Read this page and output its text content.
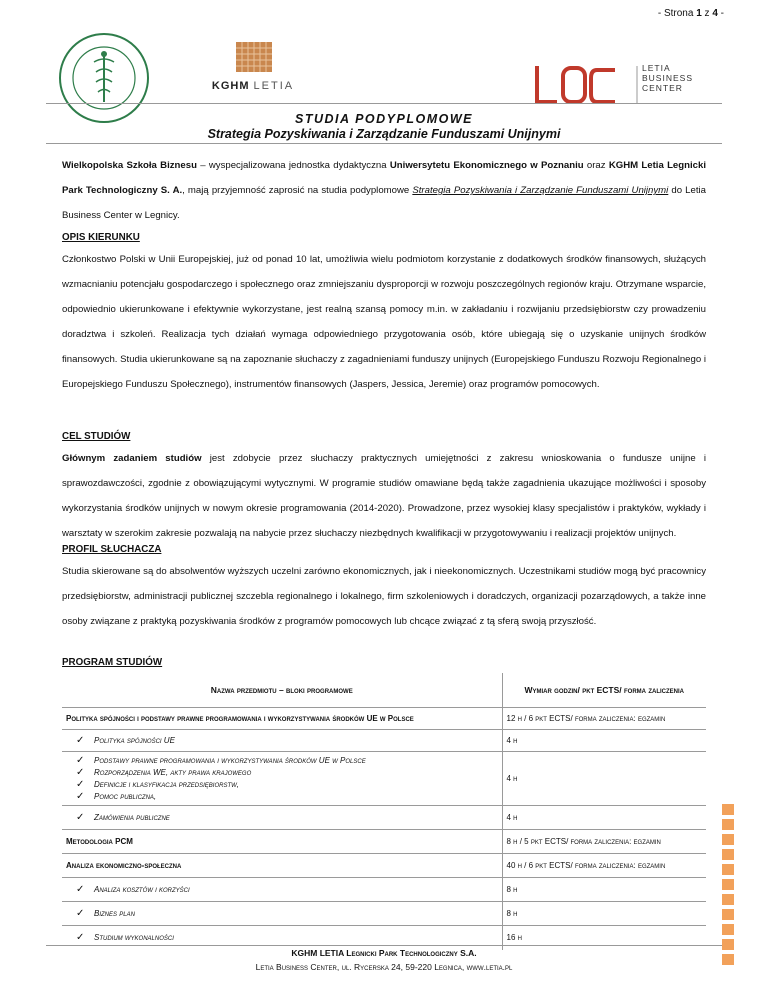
- Strona 1 z 4 -
KGHM LETIA
LETIA
BUSINESS
CENTER
STUDIA PODYPLOMOWE
Strategia Pozyskiwania i Zarządzanie Funduszami Unijnymi
Wielkopolska Szkoła Biznesu – wyspecjalizowana jednostka dydaktyczna Uniwersytetu Ekonomicznego w Poznaniu oraz KGHM Letia Legnicki Park Technologiczny S. A., mają przyjemność zaprosić na studia podyplomowe Strategia Pozyskiwania i Zarządzanie Funduszami Unijnymi do Letia Business Center w Legnicy.
OPIS KIERUNKU
Członkostwo Polski w Unii Europejskiej, już od ponad 10 lat, umożliwia wielu podmiotom korzystanie z dodatkowych środków finansowych, służących wzmacnianiu potencjału gospodarczego i społecznego oraz zmniejszaniu dysproporcji w rozwoju poszczególnych regionów kraju. Otrzymane wsparcie, odpowiednio ukierunkowane i efektywnie wykorzystane, jest realną szansą pomocy m.in. w zakładaniu i rozwijaniu przedsiębiorstw czy prowadzeniu doradztwa i szkoleń. Realizacja tych działań wymaga odpowiedniego przygotowania osób, które ubiegają się o uzyskanie unijnych środków finansowych. Studia ukierunkowane są na zapoznanie słuchaczy z zagadnieniami funduszy unijnych (Europejskiego Funduszu Rozwoju Regionalnego i Europejskiego Funduszu Społecznego), instrumentów finansowych (Jaspers, Jessica, Jeremie) oraz programów pomocowych.
CEL STUDIÓW
Głównym zadaniem studiów jest zdobycie przez słuchaczy praktycznych umiejętności z zakresu wnioskowania o fundusze unijne i sprawozdawczości, zgodnie z obowiązującymi wytycznymi. W programie studiów omawiane będą także zagadnienia ukazujące możliwości i sposoby wykorzystania środków unijnych w nowym okresie programowania (2014-2020). Prowadzone, przez wysokiej klasy specjalistów i praktyków, wykłady i warsztaty w szerokim zakresie pozwalają na nabycie przez słuchaczy niezbędnych kwalifikacji w przygotowywaniu i realizacji projektów unijnych.
PROFIL SŁUCHACZA
Studia skierowane są do absolwentów wyższych uczelni zarówno ekonomicznych, jak i nieekonomicznych. Uczestnikami studiów mogą być pracownicy przedsiębiorstw, administracji publicznej szczebla regionalnego i lokalnego, firm szkoleniowych i doradczych, organizacji pozarządowych, a także inne osoby związane z praktyką pozyskiwania środków z programów pomocowych lub chcące związać z tą sferą swoją przyszłość.
PROGRAM STUDIÓW
Nazwa przedmiotu – bloki programowe	Wymiar godzin/ pkt ECTS/ forma zaliczenia
Polityka spójności i podstawy prawne programowania i wykorzystywania środków UE w Polsce	12 h / 6 pkt ECTS/ forma zaliczenia: egzamin
✓ Polityka spójności UE	4 h

✓ Podstawy prawne programowania i wykorzystywania środków UE w Polsce
✓ Rozporządzenia WE, akty prawa krajowego
✓ Definicje i klasyfikacja przedsiębiorstw,
✓ Pomoc publiczna,	4 h
✓ Zamówienia publiczne	4 h
Metodologia PCM	8 h / 5 pkt ECTS/ forma zaliczenia: egzamin
Analiza ekonomiczno-społeczna	40 h / 6 pkt ECTS/ forma zaliczenia: egzamin
✓ Analiza kosztów i korzyści	8 h
✓ Biznes plan	8 h
✓ Studium wykonalności	16 h
KGHM LETIA Legnicki Park Technologiczny S.A.
Letia Business Center, ul. Rycerska 24, 59-220 Legnica, www.letia.pl
